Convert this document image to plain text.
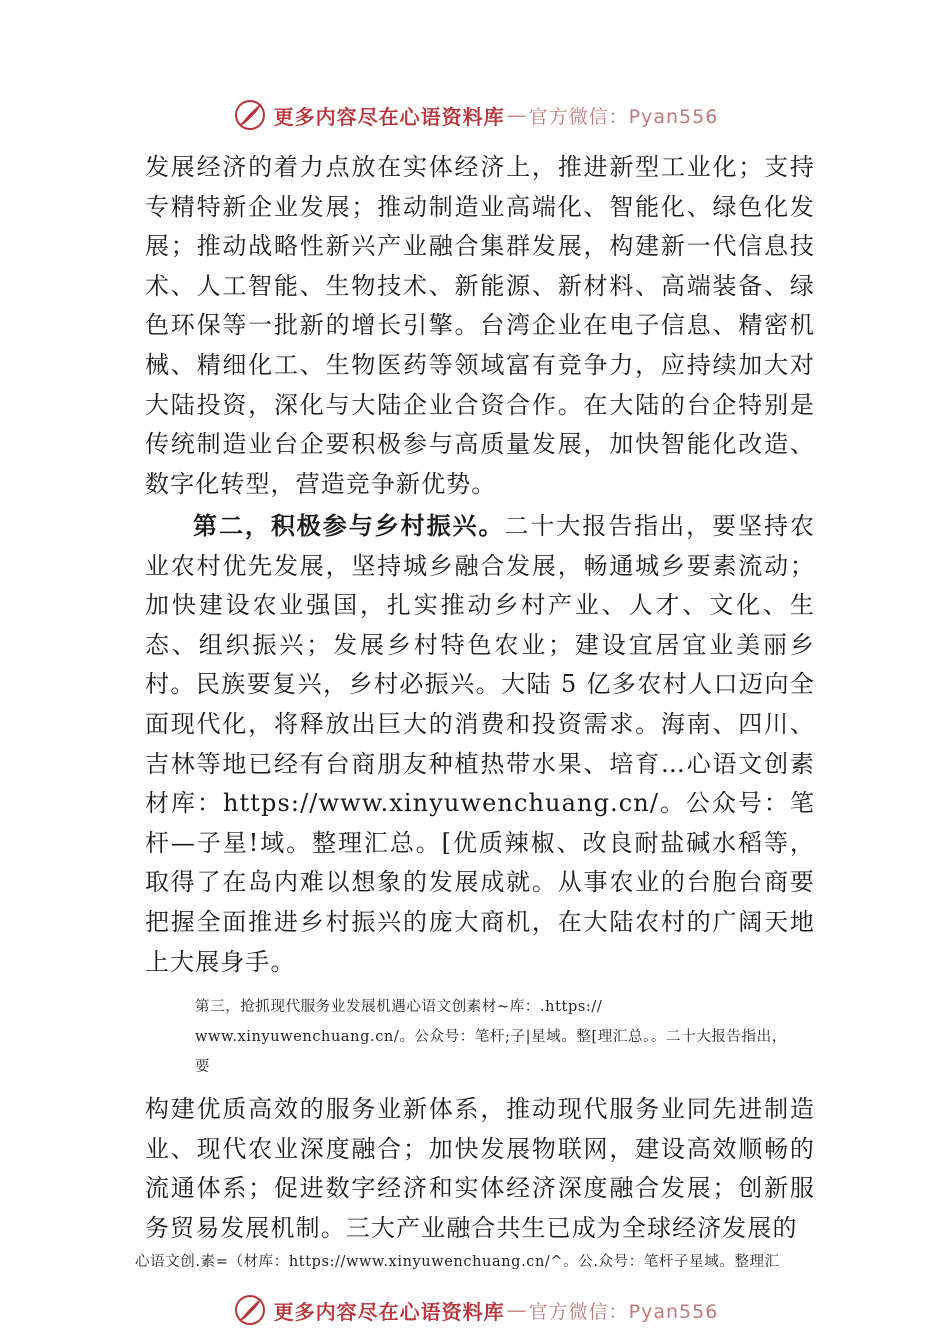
更多内容尽在心语资料库 — 官方微信：Pyan556

发展经济的着力点放在实体经济上，推进新型工业化；支持专精特新企业发展；推动制造业高端化、智能化、绿色化发展；推动战略性新兴产业融合集群发展，构建新一代信息技术、人工智能、生物技术、新能源、新材料、高端装备、绿色环保等一批新的增长引擎。台湾企业在电子信息、精密机械、精细化工、生物医药等领域富有竞争力，应持续加大对大陆投资，深化与大陆企业合资合作。在大陆的台企特别是传统制造业台企要积极参与高质量发展，加快智能化改造、 数字化转型，营造竞争新优势。

第二，积极参与乡村振兴。二十大报告指出，要坚持农业农村优先发展，坚持城乡融合发展，畅通城乡要素流动；加快建设农业强国，扎实推动乡村产业、人才、文化、生态、组织振兴；发展乡村特色农业；建设宜居宜业美丽乡村。民族要复兴，乡村必振兴。大陆 5 亿多农村人口迈向全面现代化，将释放出巨大的消费和投资需求。海南、四川、吉林等地已经有台商朋友种植热带水果、培育…心语文创素材库：https://www.xinyuwenchuang.cn/。公众号：笔杆—子星!域。整理汇总。[优质辣椒、改良耐盐碱水稻等，取得了在岛内难以想象的发展成就。从事农业的台胞台商要把握全面推进乡村振兴的庞大商机，在大陆农村的广阔天地上大展身手。

第三，抢抓现代服务业发展机遇心语文创素材~库：.https://
www.xinyuwenchuang.cn/。公众号：笔杆;子|星域。整[理汇总。。二十大报告指出，
要

构建优质高效的服务业新体系，推动现代服务业同先进制造业、现代农业深度融合；加快发展物联网，建设高效顺畅的流通体系；促进数字经济和实体经济深度融合发展；创新服务贸易发展机制。三大产业融合共生已成为全球经济发展的

心语文创.素=（材库：https://www.xinyuwenchuang.cn/^。公.众号：笔杆子星域。整理汇
更多内容尽在心语资料库 — 官方微信：Pyan556
